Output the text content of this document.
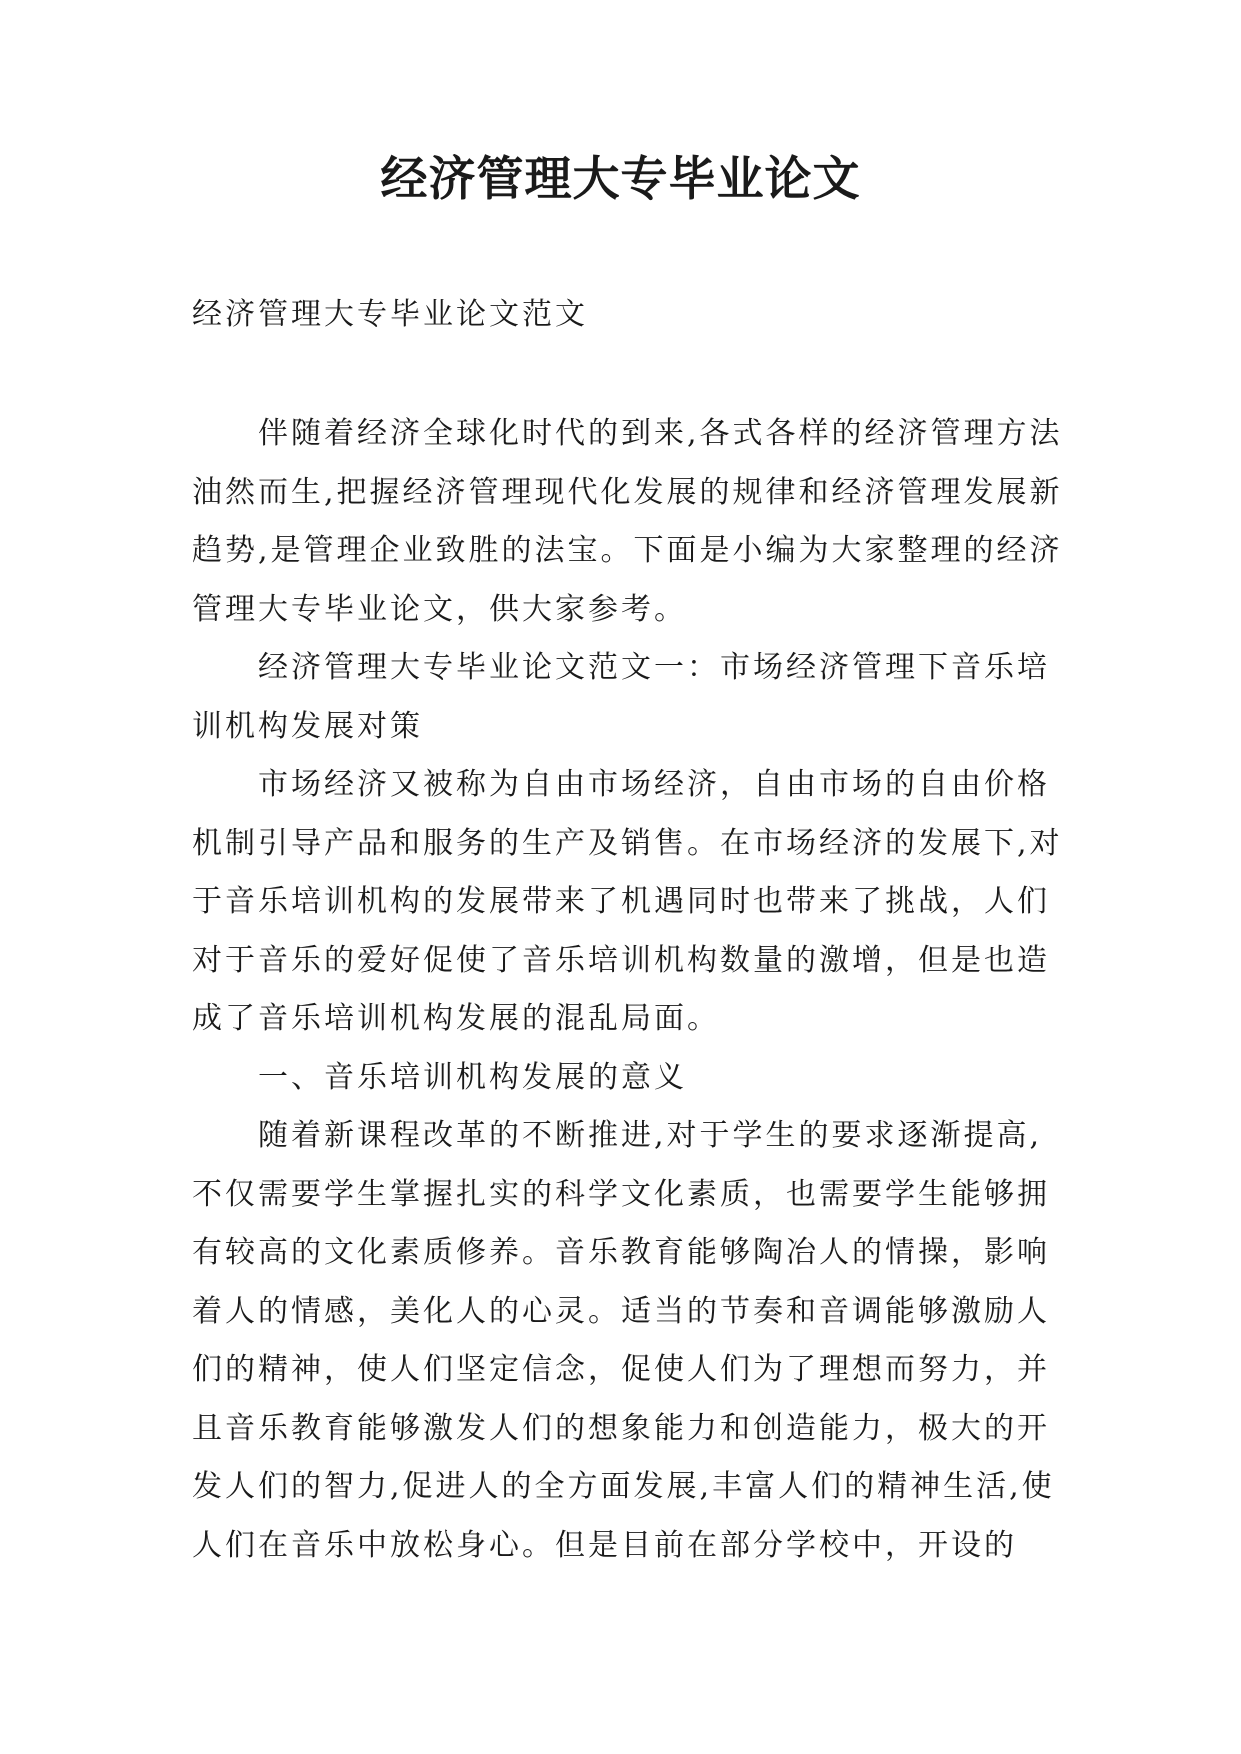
经济管理大专毕业论文
经济管理大专毕业论文范文

伴随着经济全球化时代的到来,各式各样的经济管理方法油然而生,把握经济管理现代化发展的规律和经济管理发展新趋势,是管理企业致胜的法宝。下面是小编为大家整理的经济管理大专毕业论文，供大家参考。

经济管理大专毕业论文范文一：市场经济管理下音乐培训机构发展对策

市场经济又被称为自由市场经济，自由市场的自由价格机制引导产品和服务的生产及销售。在市场经济的发展下,对于音乐培训机构的发展带来了机遇同时也带来了挑战，人们对于音乐的爱好促使了音乐培训机构数量的激增，但是也造成了音乐培训机构发展的混乱局面。

一、音乐培训机构发展的意义

随着新课程改革的不断推进,对于学生的要求逐渐提高,不仅需要学生掌握扎实的科学文化素质，也需要学生能够拥有较高的文化素质修养。音乐教育能够陶冶人的情操，影响着人的情感，美化人的心灵。适当的节奏和音调能够激励人们的精神，使人们坚定信念，促使人们为了理想而努力，并且音乐教育能够激发人们的想象能力和创造能力，极大的开发人们的智力,促进人的全方面发展,丰富人们的精神生活,使人们在音乐中放松身心。但是目前在部分学校中，开设的
